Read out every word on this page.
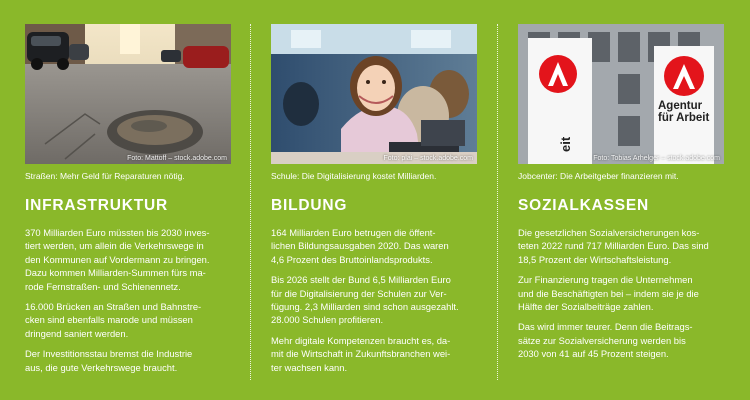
Foto: Mattoff – stock.adobe.com
Straßen: Mehr Geld für Reparaturen nötig.
INFRASTRUKTUR

370 Milliarden Euro müssten bis 2030 inves-
tiert werden, um allein die Verkehrswege in
den Kommunen auf Vordermann zu bringen.
Dazu kommen Milliarden-Summen fürs ma-
rode Fernstraßen- und Schienennetz.

16.000 Brücken an Straßen und Bahnstre-
cken sind ebenfalls marode und müssen
dringend saniert werden.

Der Investitionsstau bremst die Industrie
aus, die gute Verkehrswege braucht.

Foto: plai – stock.adobe.com
Schule: Die Digitalisierung kostet Milliarden.
BILDUNG

164 Milliarden Euro betrugen die öffent-
lichen Bildungsausgaben 2020. Das waren
4,6 Prozent des Bruttoinlandsprodukts.

Bis 2026 stellt der Bund 6,5 Milliarden Euro
für die Digitalisierung der Schulen zur Ver-
fügung. 2,3 Milliarden sind schon ausgezahlt.
28.000 Schulen profitieren.

Mehr digitale Kompetenzen braucht es, da-
mit die Wirtschaft in Zukunftsbranchen wei-
ter wachsen kann.

eit
Agentur für Arbeit
Foto: Tobias Arhelger – stock.adobe.com
Jobcenter: Die Arbeitgeber finanzieren mit.
SOZIALKASSEN

Die gesetzlichen Sozialversicherungen kos-
teten 2022 rund 717 Milliarden Euro. Das sind
18,5 Prozent der Wirtschaftsleistung.

Zur Finanzierung tragen die Unternehmen
und die Beschäftigten bei – indem sie je die
Hälfte der Sozialbeiträge zahlen.

Das wird immer teurer. Denn die Beitrags-
sätze zur Sozialversicherung werden bis
2030 von 41 auf 45 Prozent steigen.
